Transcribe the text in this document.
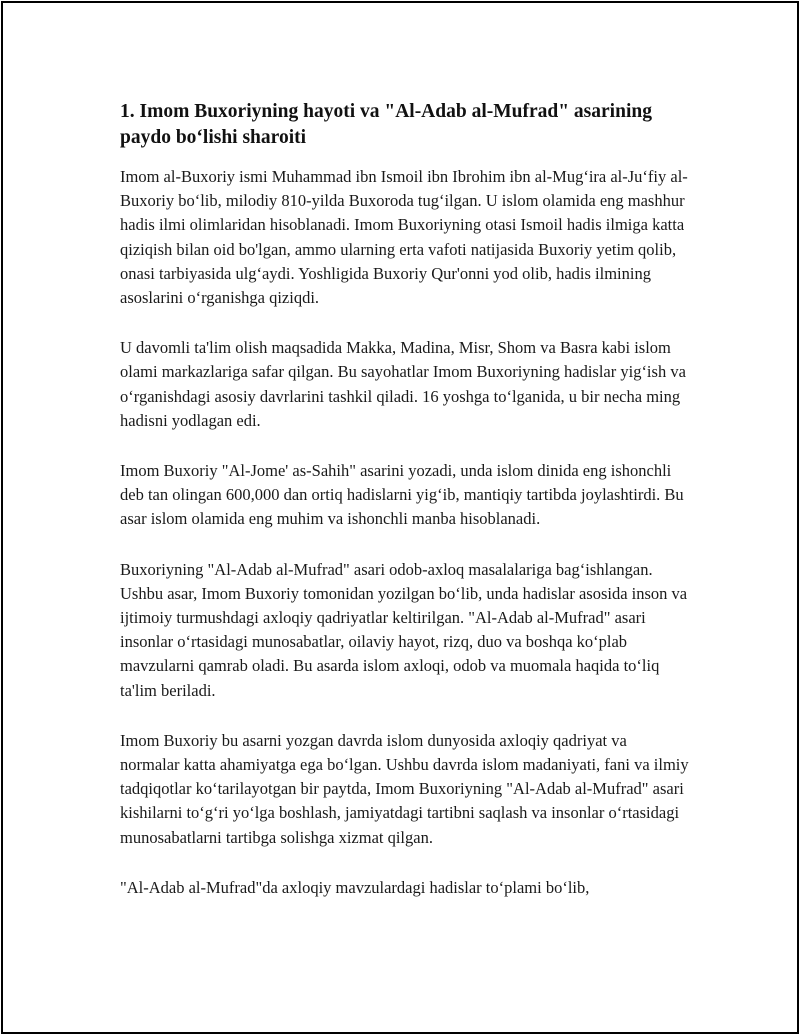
1. Imom Buxoriyning hayoti va "Al-Adab al-Mufrad" asarining paydo bo‘lishi sharoiti

Imom al-Buxoriy ismi Muhammad ibn Ismoil ibn Ibrohim ibn al-Mug‘ira al-Ju‘fiy al-Buxoriy bo‘lib, milodiy 810-yilda Buxoroda tug‘ilgan. U islom olamida eng mashhur hadis ilmi olimlaridan hisoblanadi. Imom Buxoriyning otasi Ismoil hadis ilmiga katta qiziqish bilan oid bo'lgan, ammo ularning erta vafoti natijasida Buxoriy yetim qolib, onasi tarbiyasida ulg‘aydi. Yoshligida Buxoriy Qur'onni yod olib, hadis ilmining asoslarini o‘rganishga qiziqdi.

U davomli ta'lim olish maqsadida Makka, Madina, Misr, Shom va Basra kabi islom olami markazlariga safar qilgan. Bu sayohatlar Imom Buxoriyning hadislar yig‘ish va o‘rganishdagi asosiy davrlarini tashkil qiladi. 16 yoshga to‘lganida, u bir necha ming hadisni yodlagan edi.

Imom Buxoriy "Al-Jome' as-Sahih" asarini yozadi, unda islom dinida eng ishonchli deb tan olingan 600,000 dan ortiq hadislarni yig‘ib, mantiqiy tartibda joylashtirdi. Bu asar islom olamida eng muhim va ishonchli manba hisoblanadi.

Buxoriyning "Al-Adab al-Mufrad" asari odob-axloq masalalariga bag‘ishlangan. Ushbu asar, Imom Buxoriy tomonidan yozilgan bo‘lib, unda hadislar asosida inson va ijtimoiy turmushdagi axloqiy qadriyatlar keltirilgan. "Al-Adab al-Mufrad" asari insonlar o‘rtasidagi munosabatlar, oilaviy hayot, rizq, duo va boshqa ko‘plab mavzularni qamrab oladi. Bu asarda islom axloqi, odob va muomala haqida to‘liq ta'lim beriladi.

Imom Buxoriy bu asarni yozgan davrda islom dunyosida axloqiy qadriyat va normalar katta ahamiyatga ega bo‘lgan. Ushbu davrda islom madaniyati, fani va ilmiy tadqiqotlar ko‘tarilayotgan bir paytda, Imom Buxoriyning "Al-Adab al-Mufrad" asari kishilarni to‘g‘ri yo‘lga boshlash, jamiyatdagi tartibni saqlash va insonlar o‘rtasidagi munosabatlarni tartibga solishga xizmat qilgan.

"Al-Adab al-Mufrad"da axloqiy mavzulardagi hadislar to‘plami bo‘lib,
